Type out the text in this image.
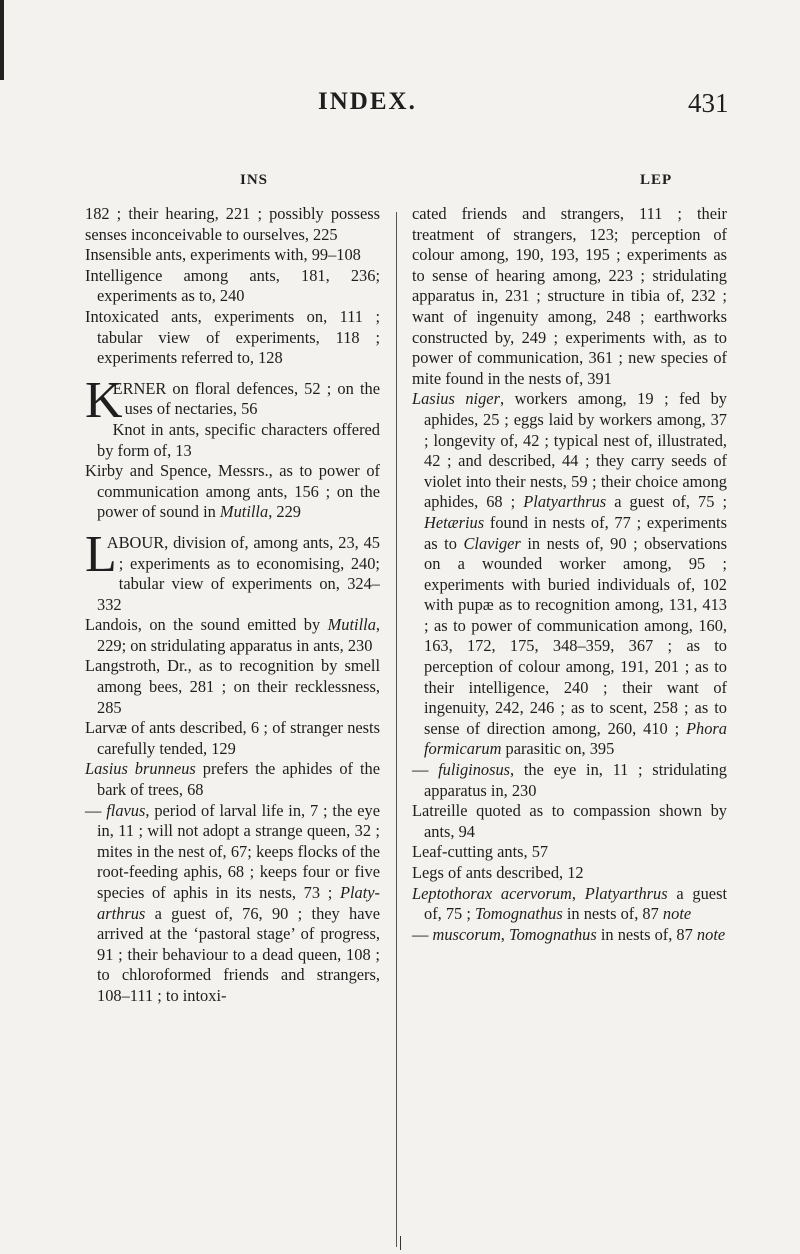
INDEX.	431
INS	LEP

182 ; their hearing, 221 ; possibly possess senses inconceivable to ourselves, 225

Insensible ants, experiments with, 99–108

Intelligence among ants, 181, 236; experiments as to, 240

Intoxicated ants, experiments on, 111 ; tabular view of experiments, 118 ; experiments referred to, 128

K
ERNER on floral defences, 52 ; on the uses of nectaries, 56

Knot in ants, specific characters offered by form of, 13

Kirby and Spence, Messrs., as to power of communication among ants, 156 ; on the power of sound in Mutilla, 229

L
ABOUR, division of, among ants, 23, 45 ; experiments as to economising, 240; tabular view of experiments on, 324–332

Landois, on the sound emitted by Mutilla, 229; on stridulating apparatus in ants, 230

Langstroth, Dr., as to recognition by smell among bees, 281 ; on their recklessness, 285

Larvæ of ants described, 6 ; of stranger nests carefully tended, 129

Lasius brunneus prefers the aphides of the bark of trees, 68

— flavus, period of larval life in, 7 ; the eye in, 11 ; will not adopt a strange queen, 32 ; mites in the nest of, 67; keeps flocks of the root-feeding aphis, 68 ; keeps four or five species of aphis in its nests, 73 ; Platyarthrus a guest of, 76, 90 ; they have arrived at the ‘pastoral stage’ of progress, 91 ; their behaviour to a dead queen, 108 ; to chloroformed friends and strangers, 108–111 ; to intoxi-

cated friends and strangers, 111 ; their treatment of strangers, 123; perception of colour among, 190, 193, 195 ; experiments as to sense of hearing among, 223 ; stridulating apparatus in, 231 ; structure in tibia of, 232 ; want of ingenuity among, 248 ; earthworks constructed by, 249 ; experiments with, as to power of communication, 361 ; new species of mite found in the nests of, 391

Lasius niger, workers among, 19 ; fed by aphides, 25 ; eggs laid by workers among, 37 ; longevity of, 42 ; typical nest of, illustrated, 42 ; and described, 44 ; they carry seeds of violet into their nests, 59 ; their choice among aphides, 68 ; Platyarthrus a guest of, 75 ; Hetærius found in nests of, 77 ; experiments as to Claviger in nests of, 90 ; observations on a wounded worker among, 95 ; experiments with buried individuals of, 102 with pupæ as to recognition among, 131, 413 ; as to power of communication among, 160, 163, 172, 175, 348–359, 367 ; as to perception of colour among, 191, 201 ; as to their intelligence, 240 ; their want of ingenuity, 242, 246 ; as to scent, 258 ; as to sense of direction among, 260, 410 ; Phora formicarum parasitic on, 395

— fuliginosus, the eye in, 11 ; stridulating apparatus in, 230

Latreille quoted as to compassion shown by ants, 94

Leaf-cutting ants, 57

Legs of ants described, 12

Leptothorax acervorum, Platyarthrus a guest of, 75 ; Tomognathus in nests of, 87 note

— muscorum, Tomognathus in nests of, 87 note
